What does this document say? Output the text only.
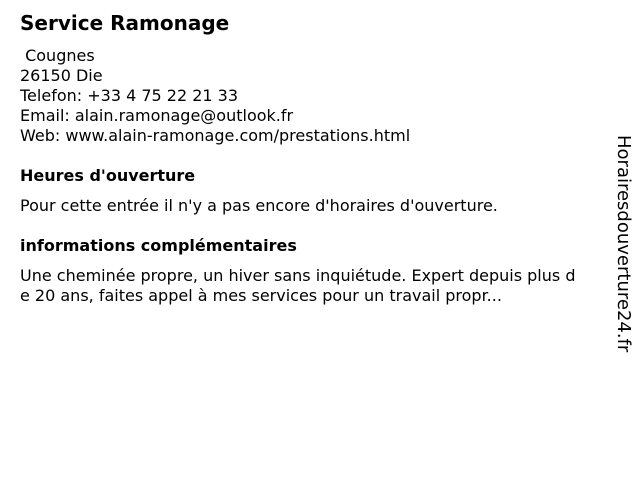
Service Ramonage
Cougnes
26150 Die
Telefon: +33 4 75 22 21 33
Email: alain.ramonage@outlook.fr
Web: www.alain-ramonage.com/prestations.html
Heures d'ouverture
Pour cette entrée il n'y a pas encore d'horaires d'ouverture.
informations complémentaires
Une cheminée propre, un hiver sans inquiétude. Expert depuis plus de 20 ans, faites appel à mes services pour un travail propr...	Horairesdouverture24.fr
